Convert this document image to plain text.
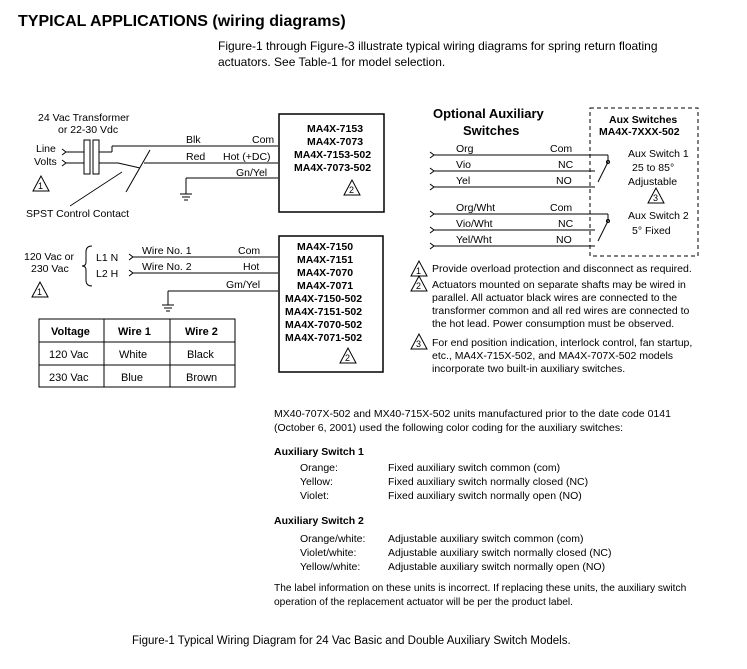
TYPICAL APPLICATIONS (wiring diagrams)
Figure-1 through Figure-3 illustrate typical wiring diagrams for spring return floating
actuators. See Table-1 for model selection.
24 Vac Transformer
or 22-30 Vdc
Line
Volts
1
SPST Control Contact
Blk
Red
Com
Hot (+DC)
Gn/Yel
MA4X-7153
MA4X-7073
MA4X-7153-502
MA4X-7073-502
2
120 Vac or
230 Vac
L1 N
L2 H
Wire No. 1
Wire No. 2
Com
Hot
Gm/Yel
1
MA4X-7150
MA4X-7151
MA4X-7070
MA4X-7071
MA4X-7150-502
MA4X-7151-502
MA4X-7070-502
MA4X-7071-502
2
Voltage	Wire 1	Wire 2
120 Vac	White	Black
230 Vac	Blue	Brown
Optional Auxiliary
Switches
Aux Switches
MA4X-7XXX-502
Org
Vio
Yel
Com
NC
NO
Org/Wht
Vio/Wht
Yel/Wht
Com
NC
NO
Aux Switch 1
25 to 85°
Adjustable
3
Aux Switch 2
5° Fixed
1 Provide overload protection and disconnect as required.
2 Actuators mounted on separate shafts may be wired in
parallel. All actuator black wires are connected to the
transformer common and all red wires are connected to
the hot lead. Power consumption must be observed.
3 For end position indication, interlock control, fan startup,
etc., MA4X-715X-502, and MA4X-707X-502 models
incorporate two built-in auxiliary switches.
MX40-707X-502 and MX40-715X-502 units manufactured prior to the date code 0141
(October 6, 2001) used the following color coding for the auxiliary switches:
Auxiliary Switch 1
Orange:	Fixed auxiliary switch common (com)
Yellow:	Fixed auxiliary switch normally closed (NC)
Violet:	Fixed auxiliary switch normally open (NO)
Auxiliary Switch 2
Orange/white: Adjustable auxiliary switch common (com)
Violet/white:	Adjustable auxiliary switch normally closed (NC)
Yellow/white:	Adjustable auxiliary switch normally open (NO)
The label information on these units is incorrect. If replacing these units, the auxiliary switch
operation of the replacement actuator will be per the product label.
Figure-1 Typical Wiring Diagram for 24 Vac Basic and Double Auxiliary Switch Models.
